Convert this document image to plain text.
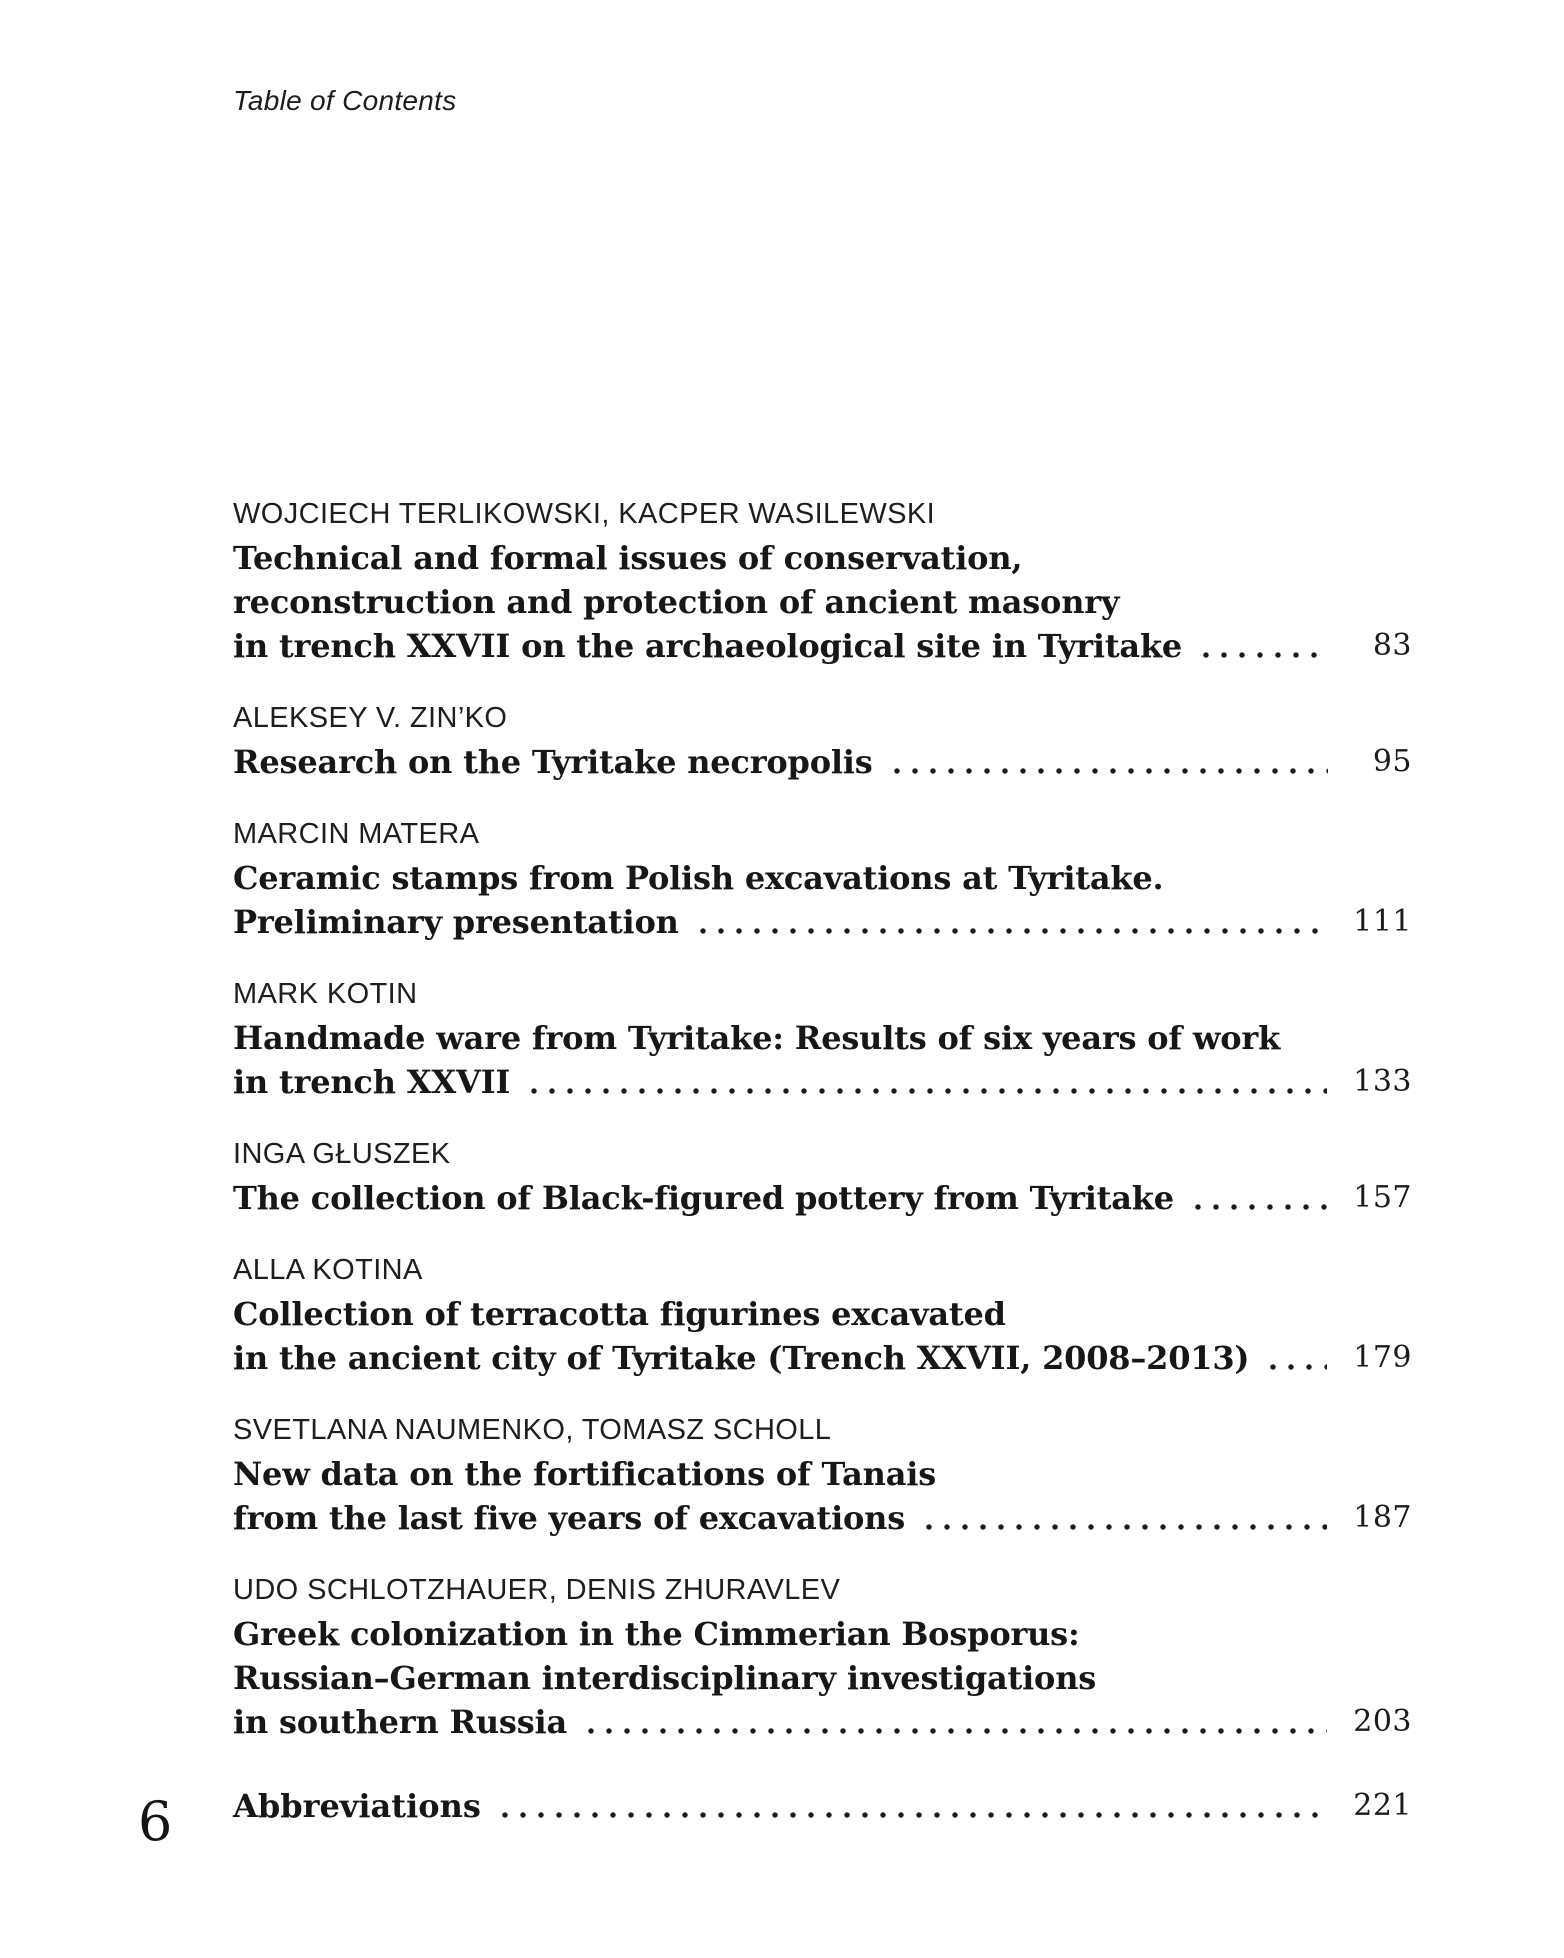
Table of Contents
WOJCIECH TERLIKOWSKI, KACPER WASILEWSKI
Technical and formal issues of conservation,
reconstruction and protection of ancient masonry
in trench XXVII on the archaeological site in Tyritake	83
ALEKSEY V. ZIN’KO
Research on the Tyritake necropolis	95
MARCIN MATERA
Ceramic stamps from Polish excavations at Tyritake.
Preliminary presentation	111
MARK KOTIN
Handmade ware from Tyritake: Results of six years of work
in trench XXVII	133
INGA GŁUSZEK
The collection of Black-figured pottery from Tyritake	157
ALLA KOTINA
Collection of terracotta figurines excavated
in the ancient city of Tyritake (Trench XXVII, 2008–2013)	179
SVETLANA NAUMENKO, TOMASZ SCHOLL
New data on the fortifications of Tanais
from the last five years of excavations	187
UDO SCHLOTZHAUER, DENIS ZHURAVLEV
Greek colonization in the Cimmerian Bosporus:
Russian–German interdisciplinary investigations
in southern Russia	203
Abbreviations	221
6
